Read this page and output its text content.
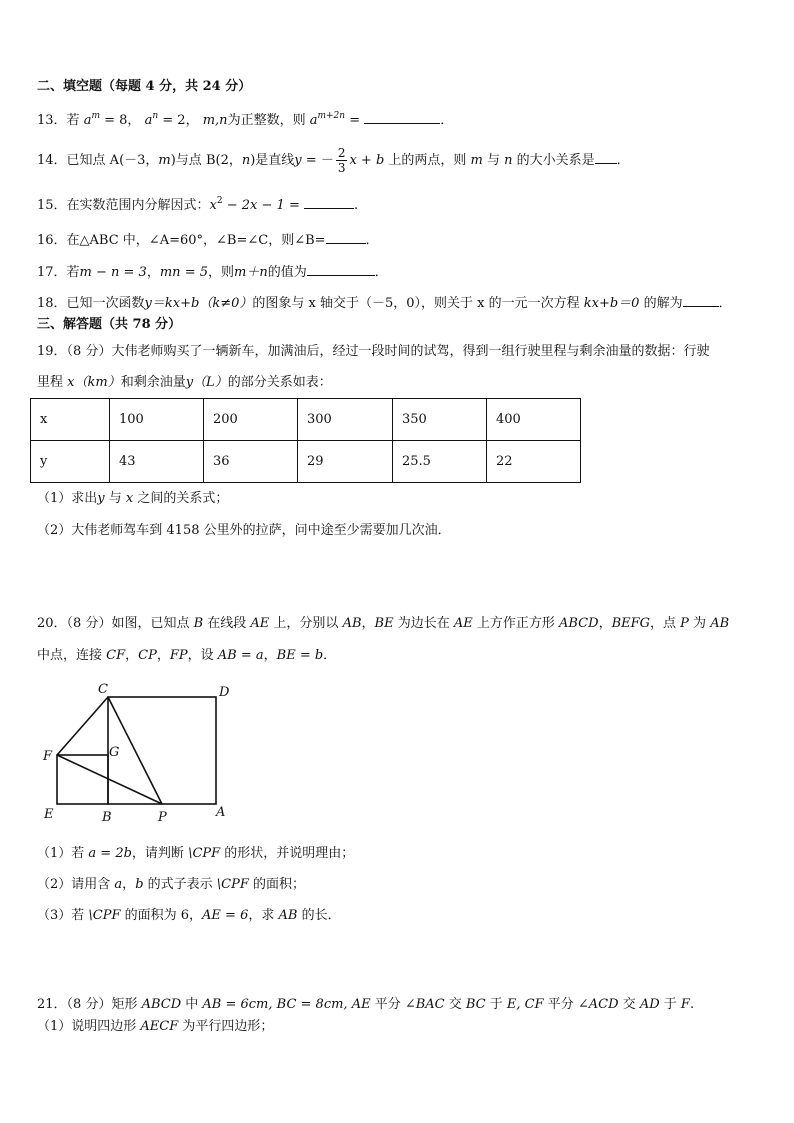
二、填空题（每题 4 分，共 24 分）
13．若 $a^m = 8$， $a^n = 2$， m,n为正整数，则 $a^{m+2n}$ =	．
14．已知点 A(－3，m)与点 B(2，n)是直线y = － $\frac{2}{3}$ x + b 上的两点，则 m 与 n 的大小关系是 ．
15．在实数范围内分解因式：$x^2 - 2x - 1$ =	.
16．在△ABC 中，∠A=60°，∠B=∠C，则∠B=	．
17．若m − n = 3，mn = 5，则m＋n的值为	．
18．已知一次函数y＝kx+b（k≠0）的图象与 x 轴交于（－5，0），则关于 x 的一元一次方程 kx+b＝0 的解为	．
三、解答题（共 78 分）
19．（8 分）大伟老师购买了一辆新车，加满油后，经过一段时间的试驾，得到一组行驶里程与剩余油量的数据：行驶
里程 x（km）和剩余油量y（L）的部分关系如表：
x	100	200	300	350	400
y	43	36	29	25.5	22
（1）求出y 与 x 之间的关系式；
（2）大伟老师驾车到 4158 公里外的拉萨，问中途至少需要加几次油．
20．（8 分）如图，已知点 B 在线段 AE 上，分别以 AB，BE 为边长在 AE 上方作正方形 ABCD，BEFG，点 P 为 AB
中点，连接 CF，CP，FP，设 AB = a，BE = b．
C	D
F	G
E	B	P	A
（1）若 a = 2b，请判断 \CPF 的形状，并说明理由；
（2）请用含 a，b 的式子表示 \CPF 的面积；
（3）若 \CPF 的面积为 6，AE = 6，求 AB 的长．
21．（8 分）矩形 ABCD 中 AB = 6cm, BC = 8cm, AE 平分 ∠BAC 交 BC 于 E, CF 平分 ∠ACD 交 AD 于 F.
（1）说明四边形 AECF 为平行四边形；
